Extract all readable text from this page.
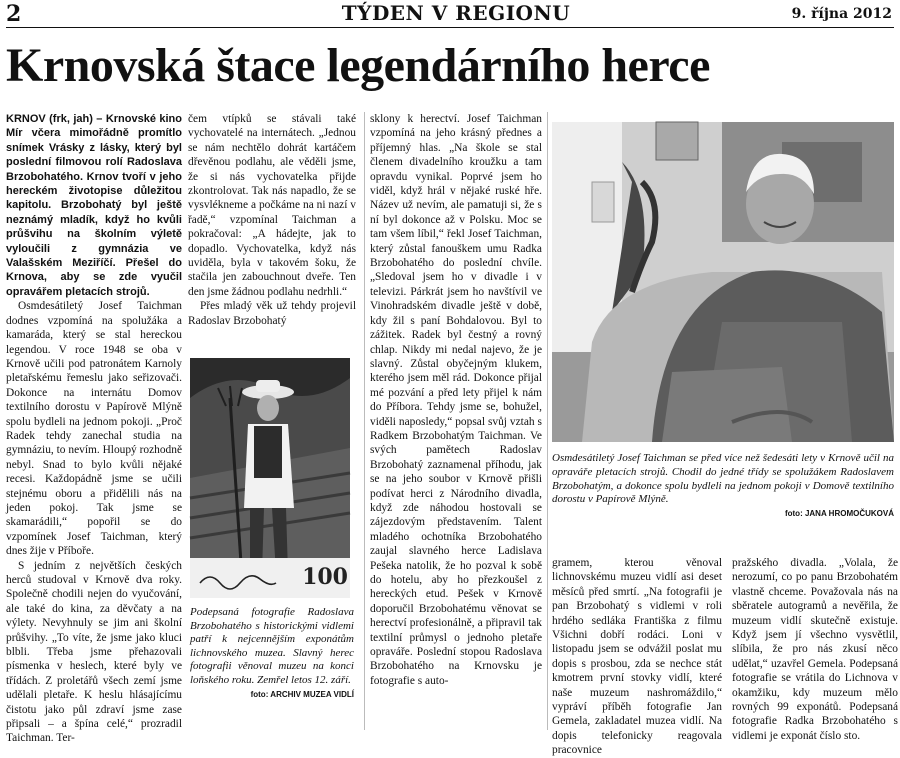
2	TÝDEN V REGIONU	9. října 2012
Krnovská štace legendárního herce

KRNOV (frk, jah) – Krnovské kino Mír včera mimořádně promítlo snímek Vrásky z lásky, který byl poslední filmovou rolí Radoslava Brzobohatého. Krnov tvoří v jeho hereckém životopise důležitou kapitolu. Brzobohatý byl ještě neznámý mladík, když ho kvůli průšvihu na školním výletě vyloučili z gymnázia ve Valašském Meziříčí. Přešel do Krnova, aby se zde vyučil opravářem pletacích strojů.

Osmdesátiletý Josef Taichman dodnes vzpomíná na spolužáka a kamaráda, který se stal hereckou legendou. V roce 1948 se oba v Krnově učili pod patronátem Karnoly pletařskému řemeslu jako seřizovači. Dokonce na internátu Domov textilního dorostu v Papírově Mlýně spolu bydleli na jednom pokoji. „Proč Radek tehdy zanechal studia na gymnáziu, to nevím. Hloupý rozhodně nebyl. Snad to bylo kvůli nějaké recesi. Každopádně jsme se učili stejnému oboru a přidělili nás na jeden pokoj. Tak jsme se skamarádili,“ popořil se do vzpomínek Josef Taichman, který dnes žije v Příboře.

S jedním z největších českých herců studoval v Krnově dva roky. Společně chodili nejen do vyučování, ale také do kina, za děvčaty a na výlety. Nevyhnuly se jim ani školní průšvihy. „To víte, že jsme jako kluci blbli. Třeba jsme přehazovali písmenka v heslech, které byly ve třídách. Z proletářů všech zemí jsme udělali pletaře. K heslu hlásajícímu čistotu jako půl zdraví jsme zase připsali – a špína celé,“ prozradil Taichman. Ter-

čem vtípků se stávali také vychovatelé na internátech. „Jednou se nám nechtělo dohrát kartáčem dřevěnou podlahu, ale věděli jsme, že si nás vychovatelka přijde zkontrolovat. Tak nás napadlo, že se vysvlékneme a počkáme na ni nazí v řadě,“ vzpomínal Taichman a pokračoval: „A hádejte, jak to dopadlo. Vychovatelka, když nás uviděla, byla v takovém šoku, že stačila jen zabouchnout dveře. Ten den jsme žádnou podlahu nedrhli.“

Přes mladý věk už tehdy projevil Radoslav Brzobohatý

100
Podepsaná fotografie Radoslava Brzobohatého s historickými vidlemi patří k nejcennějším exponátům lichnovského muzea. Slavný herec fotografii věnoval muzeu na konci loňského roku. Zemřel letos 12. září.
foto: ARCHIV MUZEA VIDLÍ

sklony k herectví. Josef Taichman vzpomíná na jeho krásný přednes a příjemný hlas. „Na škole se stal členem divadelního kroužku a tam opravdu vynikal. Poprvé jsem ho viděl, když hrál v nějaké ruské hře. Název už nevím, ale pamatuji si, že s ní byl dokonce až v Polsku. Moc se tam všem líbil,“ řekl Josef Taichman, který zůstal fanouškem umu Radka Brzobohatého do poslední chvíle. „Sledoval jsem ho v divadle i v televizi. Párkrát jsem ho navštívil ve Vinohradském divadle ještě v době, kdy žil s paní Bohdalovou. Byl to zážitek. Radek byl čestný a rovný chlap. Nikdy mi nedal najevo, že je slavný. Zůstal obyčejným klukem, kterého jsem měl rád. Dokonce přijal mé pozvání a před lety přijel k nám do Příbora. Tehdy jsme se, bohužel, viděli naposledy,“ popsal svůj vztah s Radkem Brzobohatým Taichman. Ve svých pamětech Radoslav Brzobohatý zaznamenal příhodu, jak se na jeho soubor v Krnově přišli podívat herci z Národního divadla, když zde náhodou hostovali se zájezdovým představením. Talent mladého ochotníka Brzobohatého zaujal slavného herce Ladislava Pešeka natolik, že ho pozval k sobě do hotelu, aby ho přezkoušel z hereckých etud. Pešek v Krnově doporučil Brzobohatému věnovat se herectví profesionálně, a připravil tak textilní průmysl o jednoho pletaře opraváře. Poslední stopou Radoslava Brzobohatého na Krnovsku je fotografie s auto-

Osmdesátiletý Josef Taichman se před více než šedesáti lety v Krnově učil na opraváře pletacích strojů. Chodil do jedné třídy se spolužákem Radoslavem Brzobohatým, a dokonce spolu bydleli na jednom pokoji v Domově textilního dorostu v Papírově Mlýně.
foto: JANA HROMOČUKOVÁ

gramem, kterou věnoval lichnovskému muzeu vidlí asi deset měsíců před smrtí. „Na fotografii je pan Brzobohatý s vidlemi v roli hrdého sedláka Františka z filmu Všichni dobří rodáci. Loni v listopadu jsem se odvážil poslat mu dopis s prosbou, zda se nechce stát kmotrem první stovky vidlí, které naše muzeum nashromáždilo,“ vypráví příběh fotografie Jan Gemela, zakladatel muzea vidlí. Na dopis telefonicky reagovala pracovnice

pražského divadla. „Volala, že nerozumí, co po panu Brzobohatém vlastně chceme. Považovala nás na sběratele autogramů a nevěřila, že muzeum vidlí skutečně existuje. Když jsem jí všechno vysvětlil, slíbila, že pro nás zkusí něco udělat,“ uzavřel Gemela. Podepsaná fotografie se vrátila do Lichnova v okamžiku, kdy muzeum mělo rovných 99 exponátů. Podepsaná fotografie Radka Brzobohatého s vidlemi je exponát číslo sto.
